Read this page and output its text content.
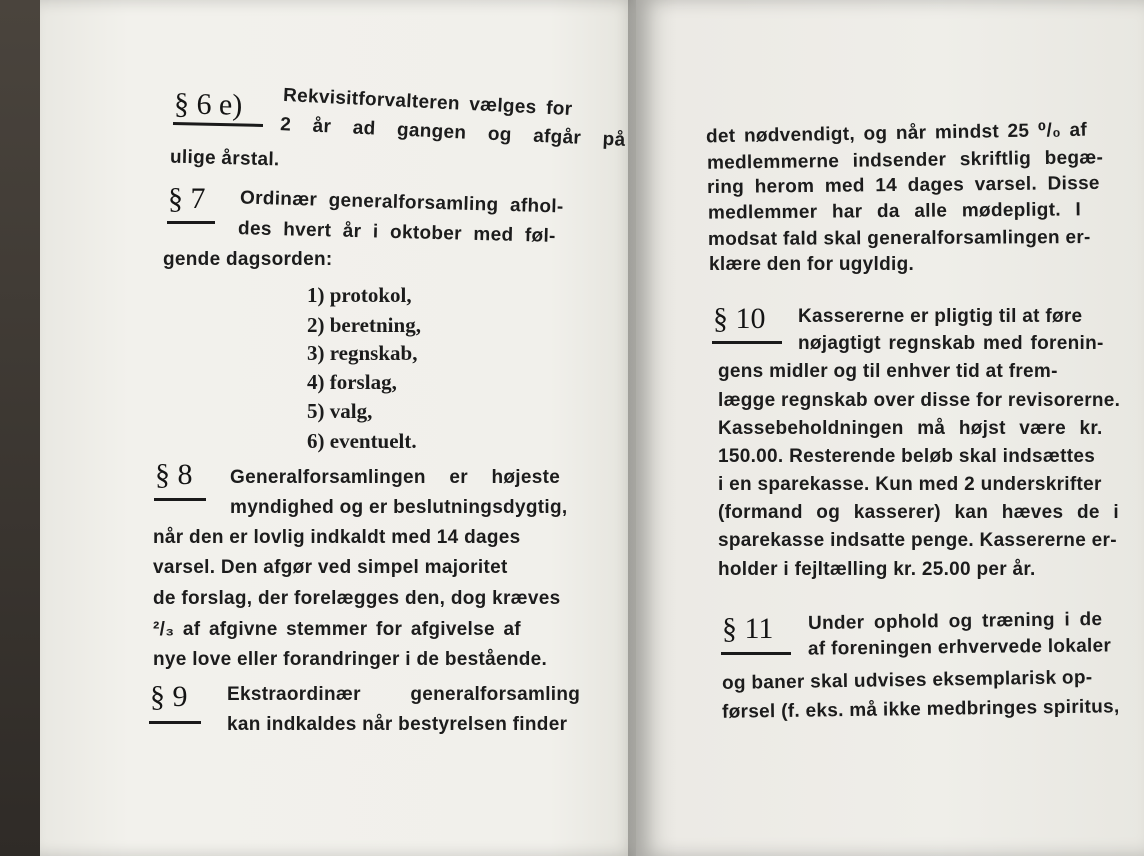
§ 6 e) Rekvisitforvalteren vælges for
2 år ad gangen og afgår på
ulige årstal.
§ 7 Ordinær generalforsamling afhol-
des hvert år i oktober med føl-
gende dagsorden:
1) protokol,
2) beretning,
3) regnskab,
4) forslag,
5) valg,
6) eventuelt.
§ 8 Generalforsamlingen er højeste
myndighed og er beslutningsdygtig,
når den er lovlig indkaldt med 14 dages
varsel. Den afgør ved simpel majoritet
de forslag, der forelægges den, dog kræves
²/₃ af afgivne stemmer for afgivelse af
nye love eller forandringer i de bestående.
§ 9 Ekstraordinær generalforsamling
kan indkaldes når bestyrelsen finder
det nødvendigt, og når mindst 25 ⁰/₀ af
medlemmerne indsender skriftlig begæ-
ring herom med 14 dages varsel. Disse
medlemmer har da alle mødepligt. I
modsat fald skal generalforsamlingen er-
klære den for ugyldig.
§ 10 Kassererne er pligtig til at føre
nøjagtigt regnskab med forenin-
gens midler og til enhver tid at frem-
lægge regnskab over disse for revisorerne.
Kassebeholdningen må højst være kr.
150.00. Resterende beløb skal indsættes
i en sparekasse. Kun med 2 underskrifter
(formand og kasserer) kan hæves de i
sparekasse indsatte penge. Kassererne er-
holder i fejltælling kr. 25.00 per år.
§ 11 Under ophold og træning i de
af foreningen erhvervede lokaler
og baner skal udvises eksemplarisk op-
førsel (f. eks. må ikke medbringes spiritus,
